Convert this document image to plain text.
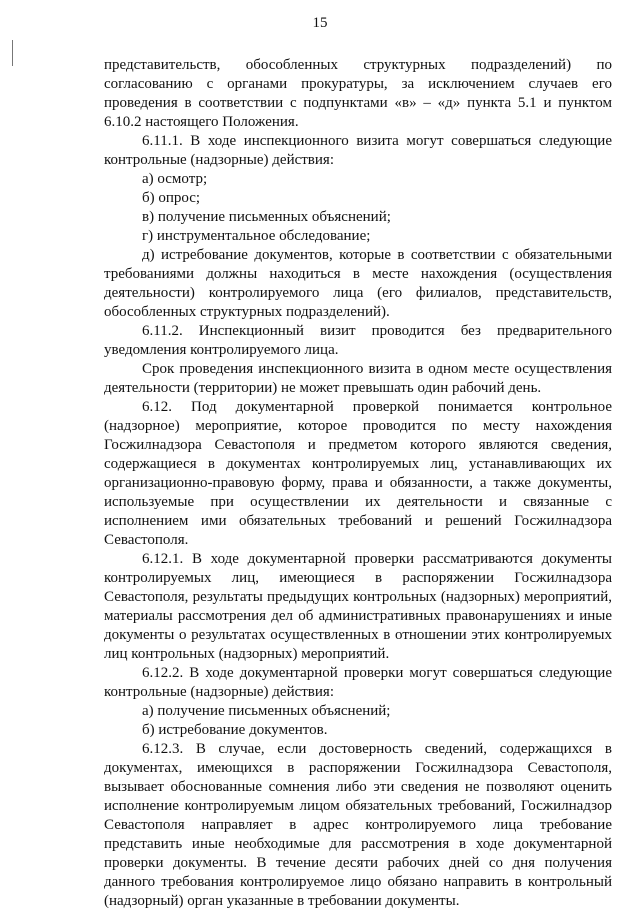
15

представительств, обособленных структурных подразделений) по согласованию с органами прокуратуры, за исключением случаев его проведения в соответствии с подпунктами «в» – «д» пункта 5.1 и пунктом 6.10.2 настоящего Положения.

6.11.1. В ходе инспекционного визита могут совершаться следующие контрольные (надзорные) действия:

а) осмотр;

б) опрос;

в) получение письменных объяснений;

г) инструментальное обследование;

д) истребование документов, которые в соответствии с обязательными требованиями должны находиться в месте нахождения (осуществления деятельности) контролируемого лица (его филиалов, представительств, обособленных структурных подразделений).

6.11.2. Инспекционный визит проводится без предварительного уведомления контролируемого лица.

Срок проведения инспекционного визита в одном месте осуществления деятельности (территории) не может превышать один рабочий день.

6.12. Под документарной проверкой понимается контрольное (надзорное) мероприятие, которое проводится по месту нахождения Госжилнадзора Севастополя и предметом которого являются сведения, содержащиеся в документах контролируемых лиц, устанавливающих их организационно-правовую форму, права и обязанности, а также документы, используемые при осуществлении их деятельности и связанные с исполнением ими обязательных требований и решений Госжилнадзора Севастополя.

6.12.1. В ходе документарной проверки рассматриваются документы контролируемых лиц, имеющиеся в распоряжении Госжилнадзора Севастополя, результаты предыдущих контрольных (надзорных) мероприятий, материалы рассмотрения дел об административных правонарушениях и иные документы о результатах осуществленных в отношении этих контролируемых лиц контрольных (надзорных) мероприятий.

6.12.2. В ходе документарной проверки могут совершаться следующие контрольные (надзорные) действия:

а) получение письменных объяснений;

б) истребование документов.

6.12.3. В случае, если достоверность сведений, содержащихся в документах, имеющихся в распоряжении Госжилнадзора Севастополя, вызывает обоснованные сомнения либо эти сведения не позволяют оценить исполнение контролируемым лицом обязательных требований, Госжилнадзор Севастополя направляет в адрес контролируемого лица требование представить иные необходимые для рассмотрения в ходе документарной проверки документы. В течение десяти рабочих дней со дня получения данного требования контролируемое лицо обязано направить в контрольный (надзорный) орган указанные в требовании документы.
